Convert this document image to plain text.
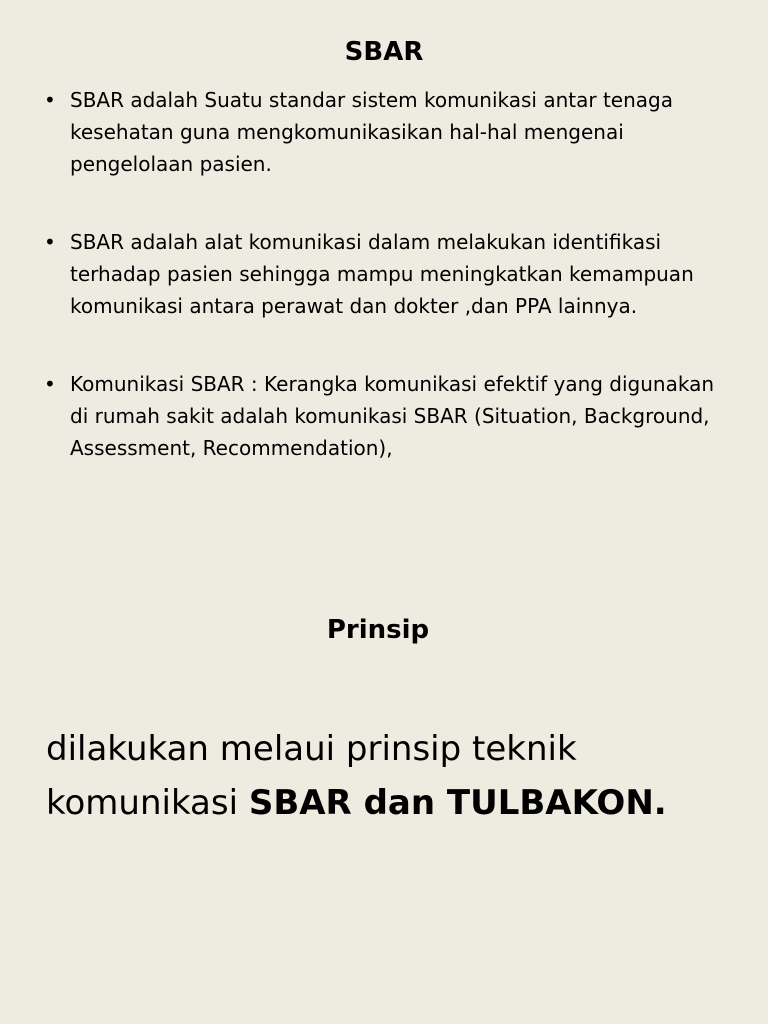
SBAR
• SBAR adalah Suatu standar sistem komunikasi antar tenaga kesehatan guna mengkomunikasikan hal-hal mengenai pengelolaan pasien.
• SBAR adalah alat komunikasi dalam melakukan identifikasi terhadap pasien sehingga mampu meningkatkan kemampuan komunikasi antara perawat dan dokter ,dan PPA lainnya.
• Komunikasi SBAR : Kerangka komunikasi efektif yang digunakan di rumah sakit adalah komunikasi SBAR (Situation, Background, Assessment, Recommendation),
Prinsip

dilakukan melaui prinsip teknik komunikasi SBAR dan TULBAKON.
